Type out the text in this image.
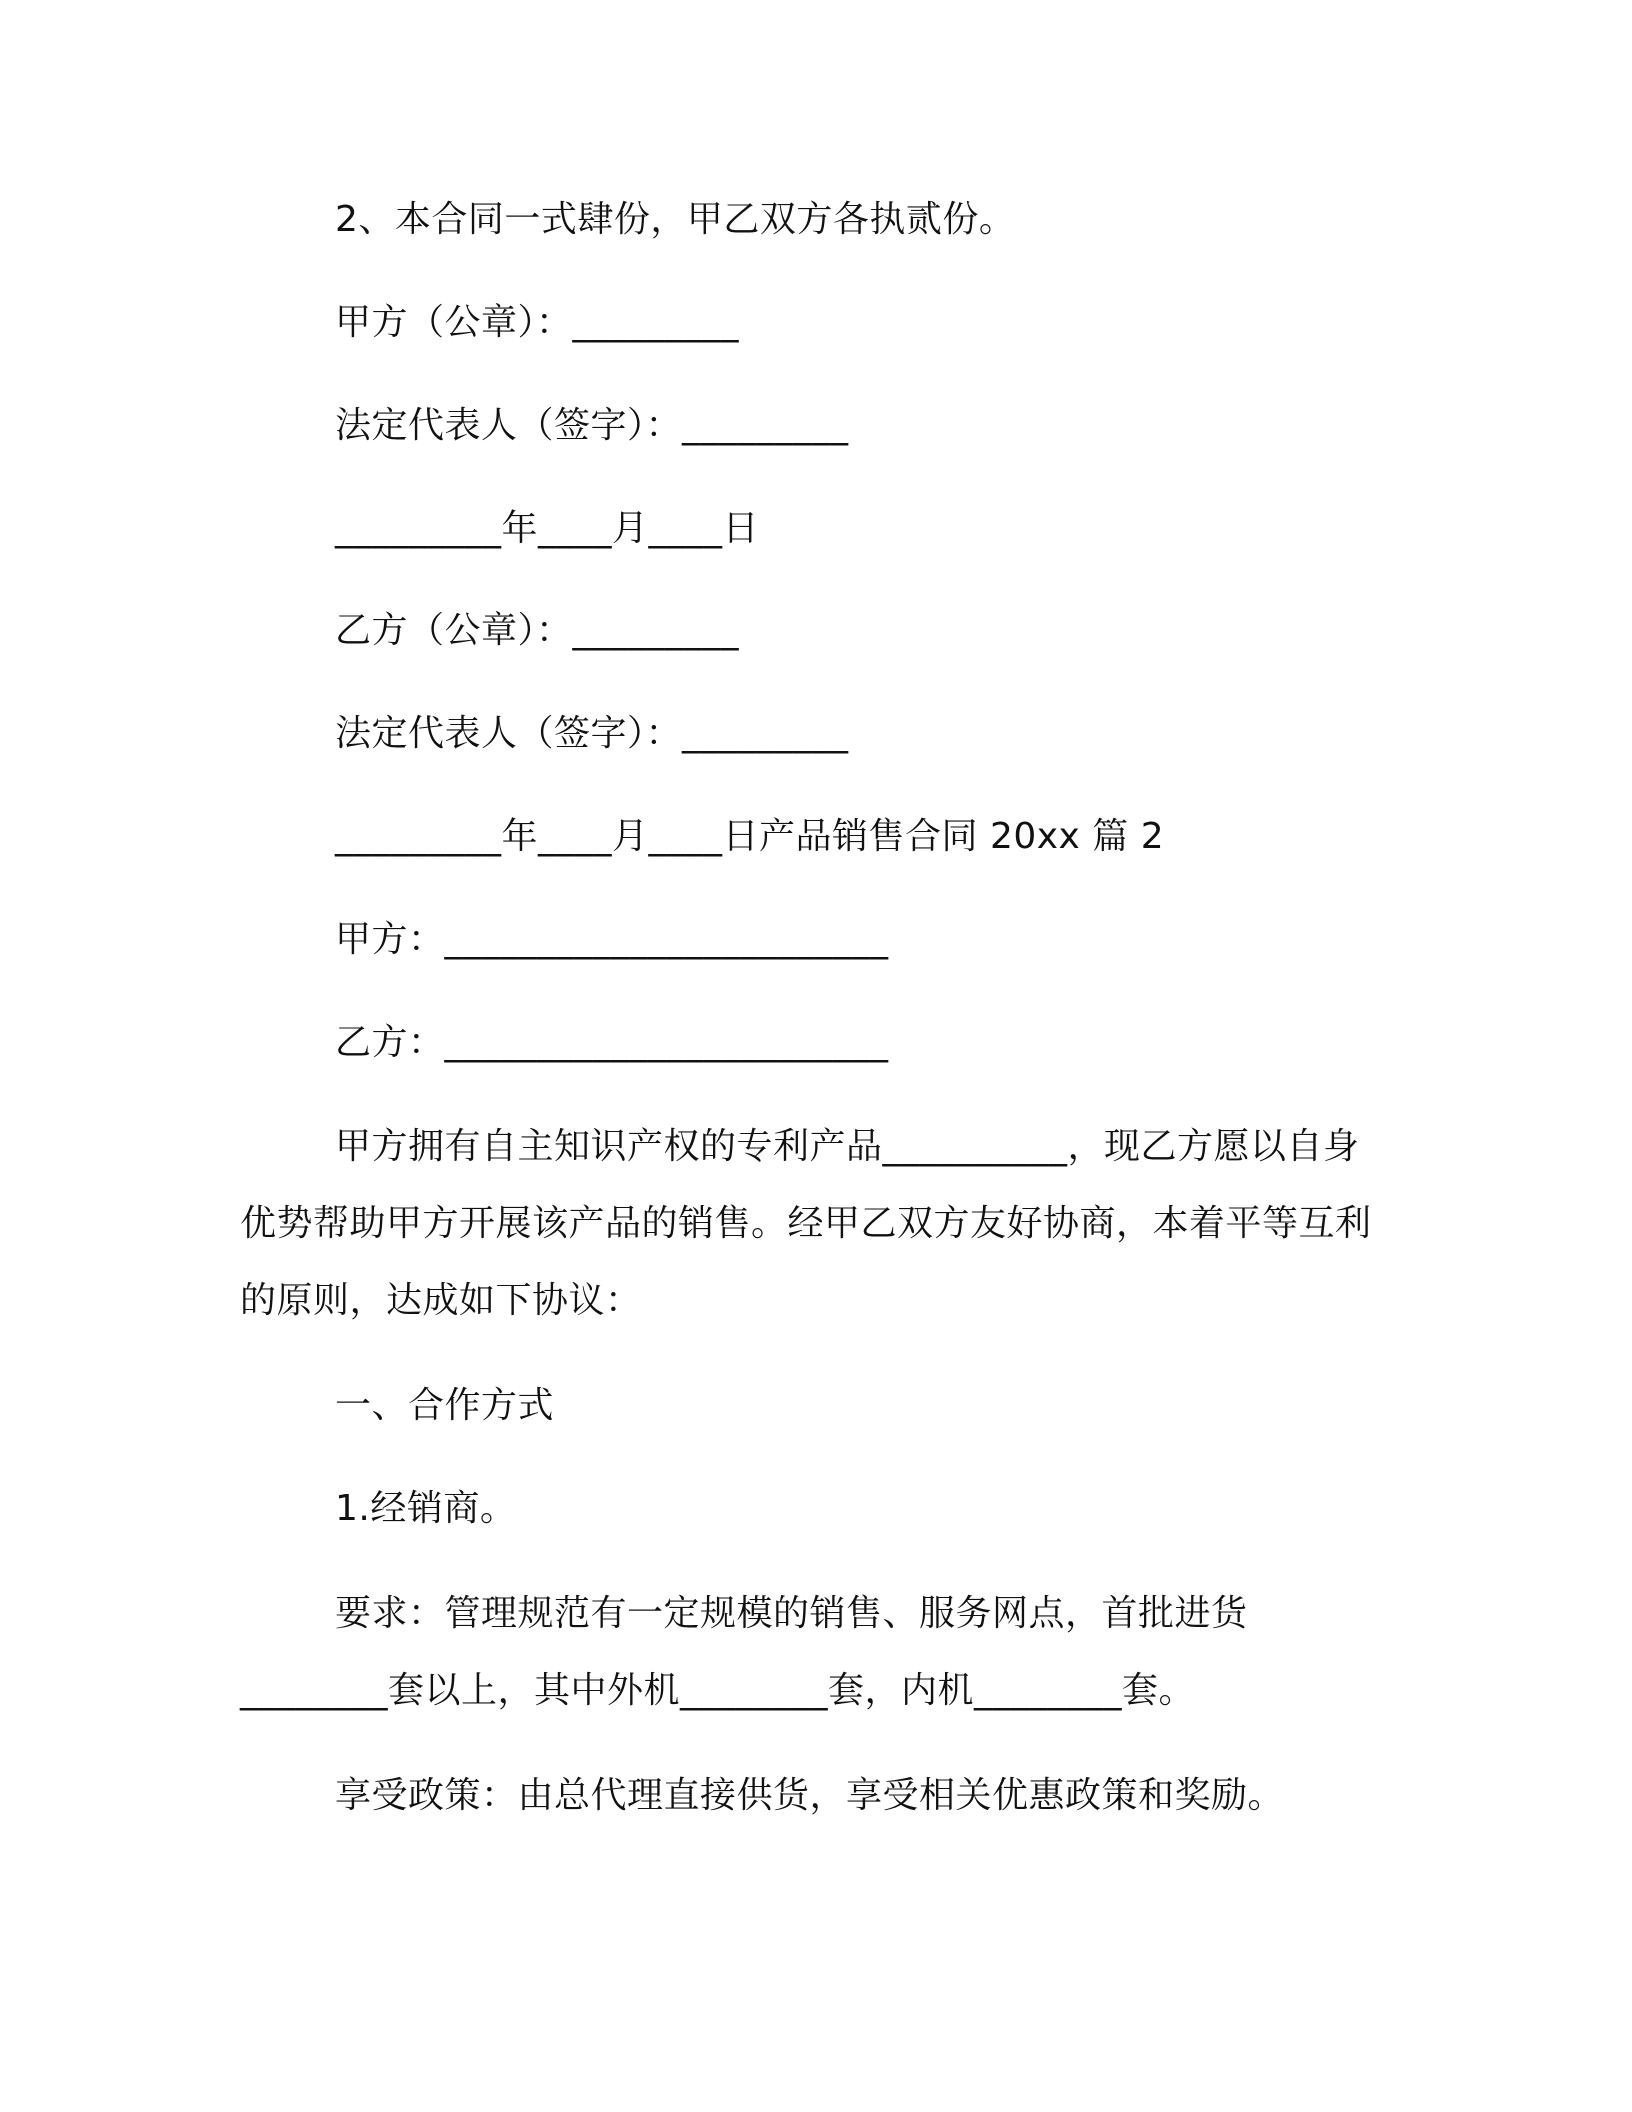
2、本合同一式肆份，甲乙双方各执贰份。
甲方（公章）：_________
法定代表人（签字）：_________
_________年____月____日
乙方（公章）：_________
法定代表人（签字）：_________
_________年____月____日产品销售合同 20xx 篇 2
甲方：________________________
乙方：________________________
甲方拥有自主知识产权的专利产品__________，现乙方愿以自身优势帮助甲方开展该产品的销售。经甲乙双方友好协商，本着平等互利的原则，达成如下协议：
一、合作方式
1.经销商。
要求：管理规范有一定规模的销售、服务网点，首批进货________套以上，其中外机________套，内机________套。
享受政策：由总代理直接供货，享受相关优惠政策和奖励。
